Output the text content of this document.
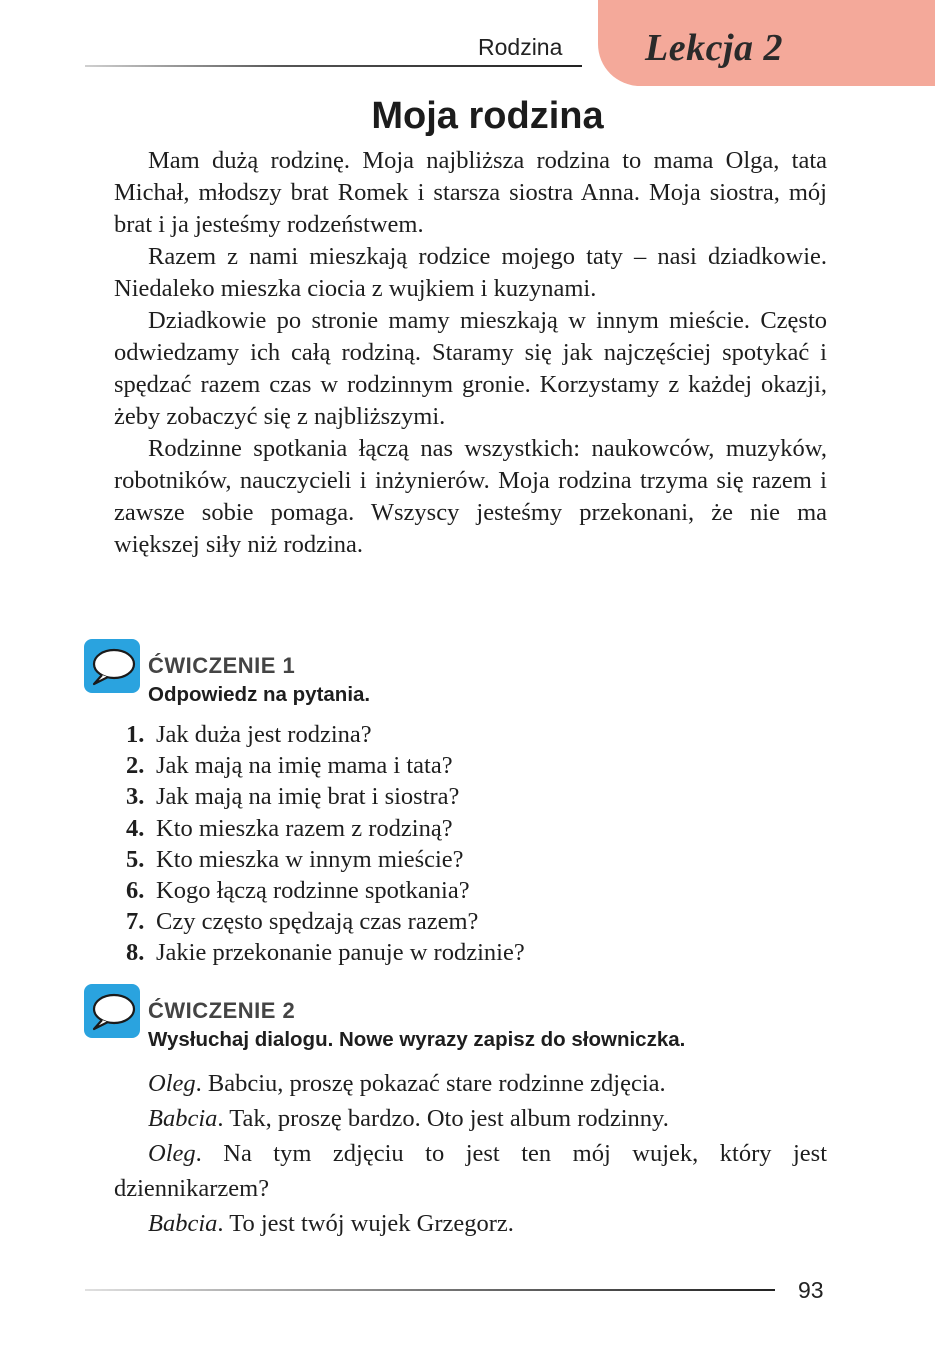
Rodzina Lekcja 2
Moja rodzina

Mam dużą rodzinę. Moja najbliższa rodzina to mama Olga, tata Michał, młodszy brat Romek i starsza siostra Anna. Moja siostra, mój brat i ja jesteśmy rodzeństwem.

Razem z nami mieszkają rodzice mojego taty – nasi dziadkowie. Niedaleko mieszka ciocia z wujkiem i kuzynami.

Dziadkowie po stronie mamy mieszkają w innym mieście. Często odwiedzamy ich całą rodziną. Staramy się jak najczęściej spotykać i spędzać razem czas w rodzinnym gronie. Korzystamy z każdej okazji, żeby zobaczyć się z najbliższymi.

Rodzinne spotkania łączą nas wszystkich: naukowców, muzyków, robotników, nauczycieli i inżynierów. Moja rodzina trzyma się razem i zawsze sobie pomaga. Wszyscy jesteśmy przekonani, że nie ma większej siły niż rodzina.

ĆWICZENIE 1
Odpowiedz na pytania.
1. Jak duża jest rodzina?
2. Jak mają na imię mama i tata?
3. Jak mają na imię brat i siostra?
4. Kto mieszka razem z rodziną?
5. Kto mieszka w innym mieście?
6. Kogo łączą rodzinne spotkania?
7. Czy często spędzają czas razem?
8. Jakie przekonanie panuje w rodzinie?
ĆWICZENIE 2
Wysłuchaj dialogu. Nowe wyrazy zapisz do słowniczka.

Oleg. Babciu, proszę pokazać stare rodzinne zdjęcia.

Babcia. Tak, proszę bardzo. Oto jest album rodzinny.

Oleg. Na tym zdjęciu to jest ten mój wujek, który jest dziennikarzem?

Babcia. To jest twój wujek Grzegorz.

93
